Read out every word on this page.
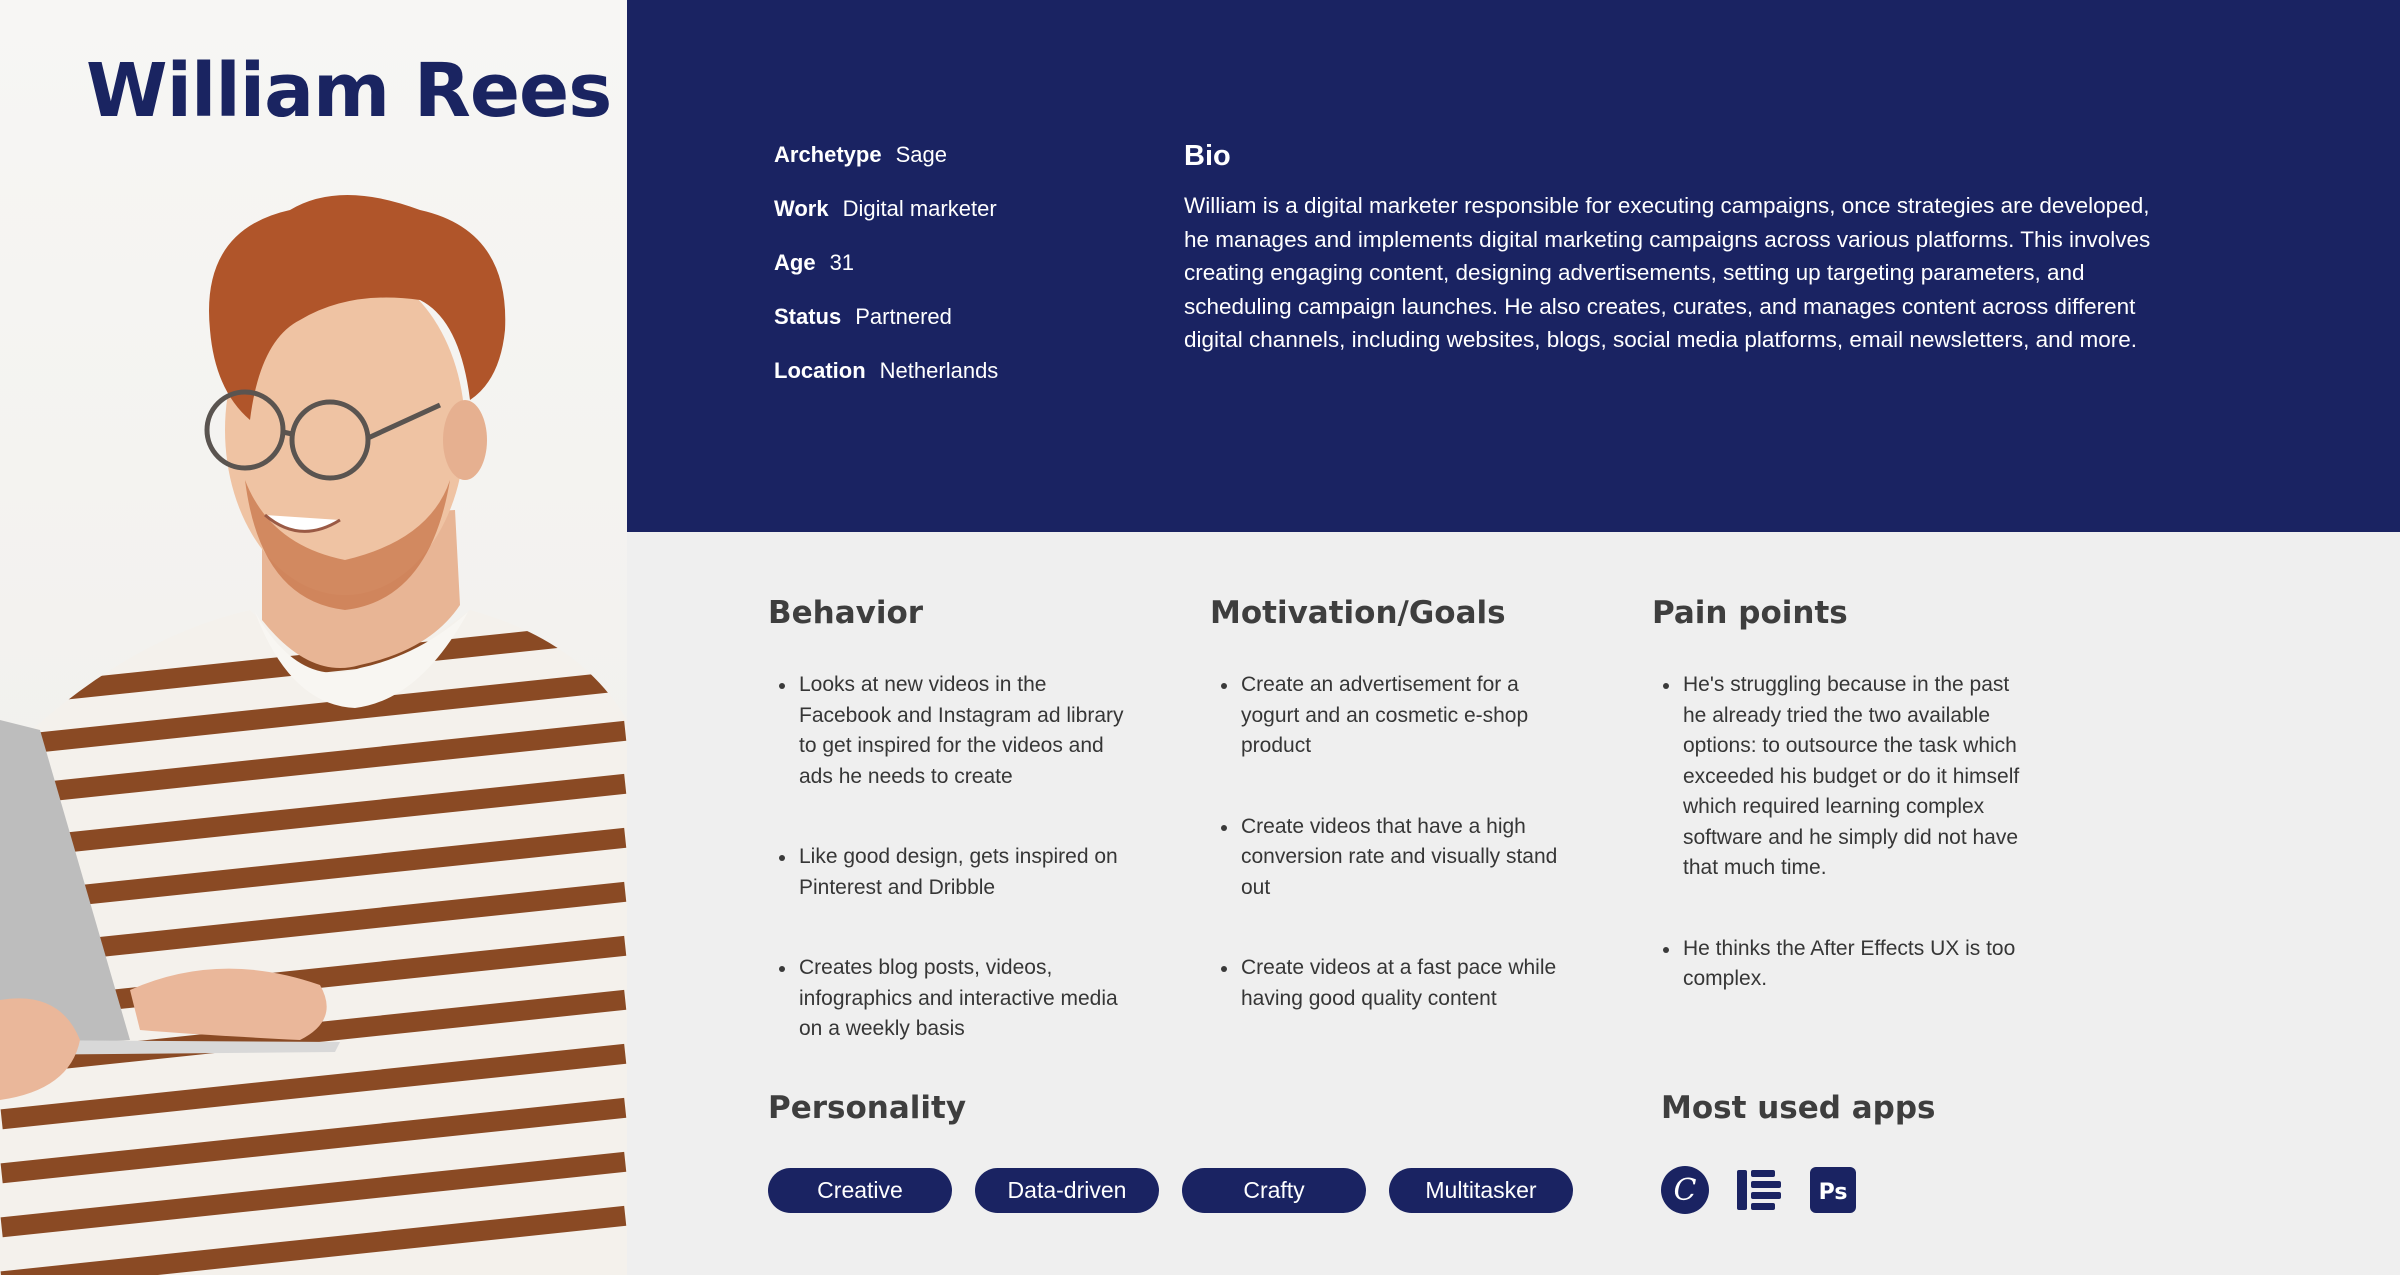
William Rees
Archetype Sage
Work Digital marketer
Age 31
Status Partnered
Location Netherlands
Bio
William is a digital marketer responsible for executing campaigns, once strategies are developed, he manages and implements digital marketing campaigns across various platforms. This involves creating engaging content, designing advertisements, setting up targeting parameters, and scheduling campaign launches. He also creates, curates, and manages content across different digital channels, including websites, blogs, social media platforms, email newsletters, and more.
Behavior
Looks at new videos in the Facebook and Instagram ad library to get inspired for the videos and ads he needs to create
Like good design, gets inspired on Pinterest and Dribble
Creates blog posts, videos, infographics and interactive media on a weekly basis
Motivation/Goals
Create an advertisement for a yogurt and an cosmetic e-shop product
Create videos that have a high conversion rate and visually stand out
Create videos at a fast pace while having good quality content
Pain points
He's struggling because in the past he already tried the two available options: to outsource the task which exceeded his budget or do it himself which required learning complex software and he simply did not have that much time.
He thinks the After Effects UX is too complex.
Personality
Creative	Data-driven	Crafty	Multitasker
Most used apps
C	Ps
